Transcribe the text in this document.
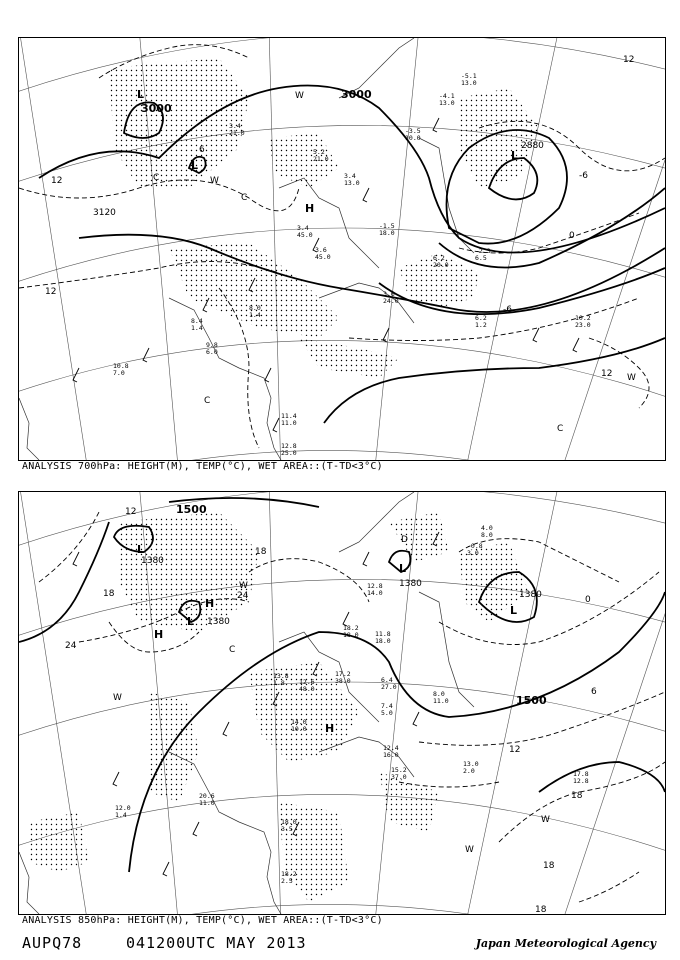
3000
3000
2880
3120
12
12
-6
0
-6
12
6
12
L
L
L
H
W
W
W
C
C
C
C
-5.1
13.0
-4.1
13.0
-3.5
10.0
3.4
21.0
5.2
21.0
3.4
13.0
3.4
45.0
3.6
45.0
-1.5
18.0
6.2
20.0
-2.3
6.5
10.2
23.0
9.8
6.0
10.8
7.0
11.4
11.0
12.8
25.0
8.4
1.4
3.6
24.0
6.2
1.2
8.0
1.4
ANALYSIS 700hPa: HEIGHT(M), TEMP(°C), WET AREA::(T-TD<3°C)
1500
1380
1380
1380
1380
1500
12
18
24
24
18
0
6
12
18
18
18
L
L
L
L
H
H
H
W
W
W
W
D
C
-0.8
3.0
4.0
8.0
12.8
14.0
11.8
18.0
18.2
18.0
13.8
1.8 12.6
48.0
17.2
38.0
14.0
10.0
6.4
27.0
7.4
5.0
8.0
11.0
12.4
16.0
15.2
37.0
13.0
2.0	17.8
12.8
20.6
11.0
18.0
3.5
18.2
2.5
12.0
1.4
ANALYSIS 850hPa: HEIGHT(M), TEMP(°C), WET AREA::(T-TD<3°C)
AUPQ78	041200UTC MAY 2013	Japan Meteorological Agency
